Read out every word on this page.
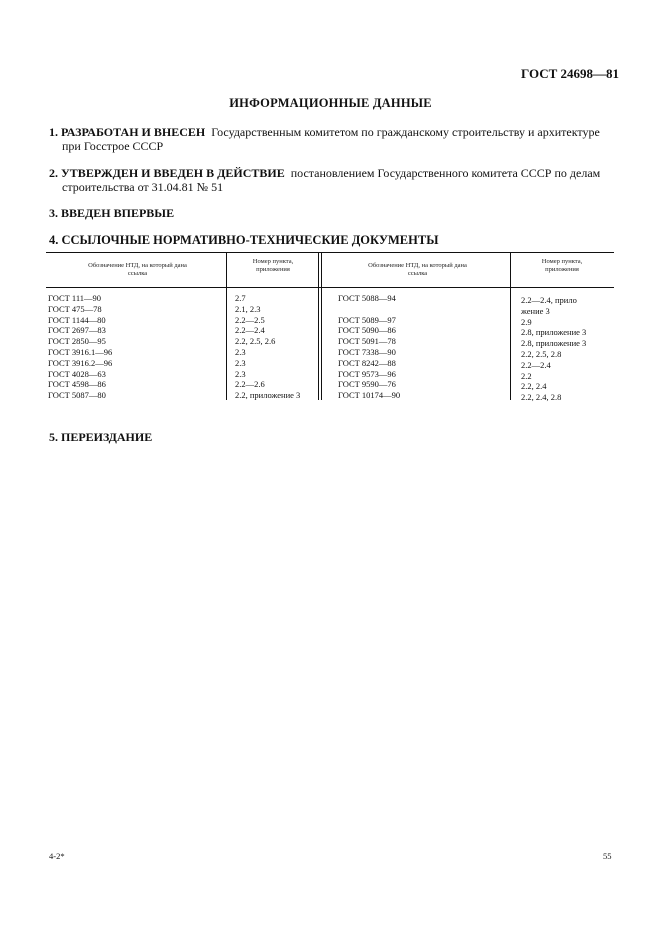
ГОСТ 24698—81
ИНФОРМАЦИОННЫЕ ДАННЫЕ
1. РАЗРАБОТАН И ВНЕСЕН Государственным комитетом по гражданскому строительству и архитектуре
при Госстрое СССР
2. УТВЕРЖДЕН И ВВЕДЕН В ДЕЙСТВИЕ постановлением Государственного комитета СССР по делам
строительства от 31.04.81 № 51
3. ВВЕДЕН ВПЕРВЫЕ
4. ССЫЛОЧНЫЕ НОРМАТИВНО-ТЕХНИЧЕСКИЕ ДОКУМЕНТЫ
Обозначение НТД, на который дана
ссылка
Номер пункта,
приложения
Обозначение НТД, на который дана
ссылка
Номер пункта,
приложения
ГОСТ 111—90
ГОСТ 475—78
ГОСТ 1144—80
ГОСТ 2697—83
ГОСТ 2850—95
ГОСТ 3916.1—96
ГОСТ 3916.2—96
ГОСТ 4028—63
ГОСТ 4598—86
ГОСТ 5087—80
2.7
2.1, 2.3
2.2—2.5
2.2—2.4
2.2, 2.5, 2.6
2.3
2.3
2.3
2.2—2.6
2.2, приложение 3
ГОСТ 5088—94

ГОСТ 5089—97
ГОСТ 5090—86
ГОСТ 5091—78
ГОСТ 7338—90
ГОСТ 8242—88
ГОСТ 9573—96
ГОСТ 9590—76
ГОСТ 10174—90
2.2—2.4, прило
жение 3
2.9
2.8, приложение 3
2.8, приложение 3
2.2, 2.5, 2.8
2.2—2.4
2.2
2.2, 2.4
2.2, 2.4, 2.8
5. ПЕРЕИЗДАНИЕ
4-2*	55
